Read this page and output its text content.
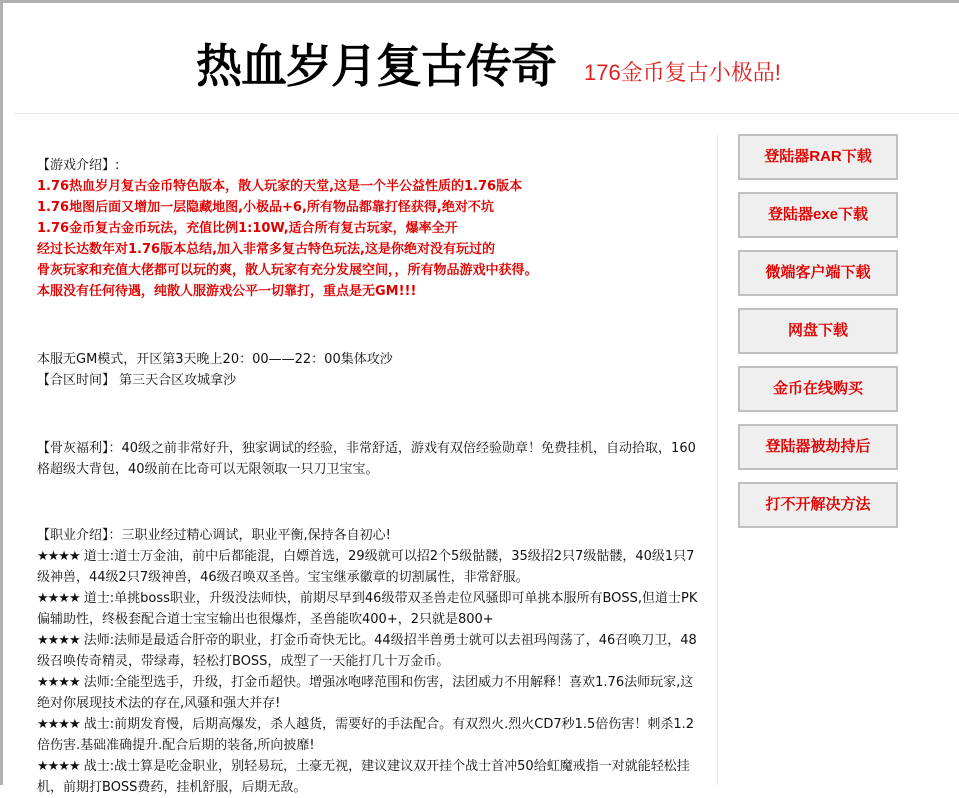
热血岁月复古传奇 176金币复古小极品!

【游戏介绍】:

1.76热血岁月复古金币特色版本，散人玩家的天堂,这是一个半公益性质的1.76版本

1.76地图后面又增加一层隐藏地图,小极品+6,所有物品都靠打怪获得,绝对不坑

1.76金币复古金币玩法，充值比例1:10W,适合所有复古玩家，爆率全开

经过长达数年对1.76版本总结,加入非常多复古特色玩法,这是你绝对没有玩过的

骨灰玩家和充值大佬都可以玩的爽，散人玩家有充分发展空间，，所有物品游戏中获得。

本服没有任何待遇，纯散人服游戏公平一切靠打，重点是无GM!!!

本服无GM模式，开区第3天晚上20：00——22：00集体攻沙

【合区时间】 第三天合区攻城拿沙

【骨灰福利】：40级之前非常好升，独家调试的经验，非常舒适，游戏有双倍经验勋章！免费挂机，自动拾取，160格超级大背包，40级前在比奇可以无限领取一只刀卫宝宝。

【职业介绍】：三职业经过精心调试，职业平衡,保持各自初心!

★★★★ 道士:道士万金油，前中后都能混，白嫖首选，29级就可以招2个5级骷髅，35级招2只7级骷髅，40级1只7级神兽，44级2只7级神兽，46级召唤双圣兽。宝宝继承徽章的切割属性，非常舒服。

★★★★ 道士:单挑boss职业，升级没法师快，前期尽早到46级带双圣兽走位风骚即可单挑本服所有BOSS,但道士PK偏辅助性，终极套配合道士宝宝输出也很爆炸，圣兽能吹400+，2只就是800+

★★★★ 法师:法师是最适合肝帝的职业，打金币奇快无比。44级招半兽勇士就可以去祖玛闯荡了，46召唤刀卫，48级召唤传奇精灵，带绿毒，轻松打BOSS，成型了一天能打几十万金币。

★★★★ 法师:全能型选手，升级，打金币超快。增强冰咆哮范围和伤害，法团威力不用解释！喜欢1.76法师玩家,这绝对你展现技术法的存在,风骚和强大并存!

★★★★ 战士:前期发育慢，后期高爆发，杀人越货，需要好的手法配合。有双烈火.烈火CD7秒1.5倍伤害！刺杀1.2倍伤害.基础准确提升.配合后期的装备,所向披靡!

★★★★ 战士:战士算是吃金职业，别轻易玩，土豪无视，建议建议双开挂个战士首冲50给虹魔戒指一对就能轻松挂机，前期打BOSS费药，挂机舒服，后期无敌。

登陆器RAR下载
登陆器exe下载
微端客户端下载
网盘下载
金币在线购买
登陆器被劫持后
打不开解决方法
